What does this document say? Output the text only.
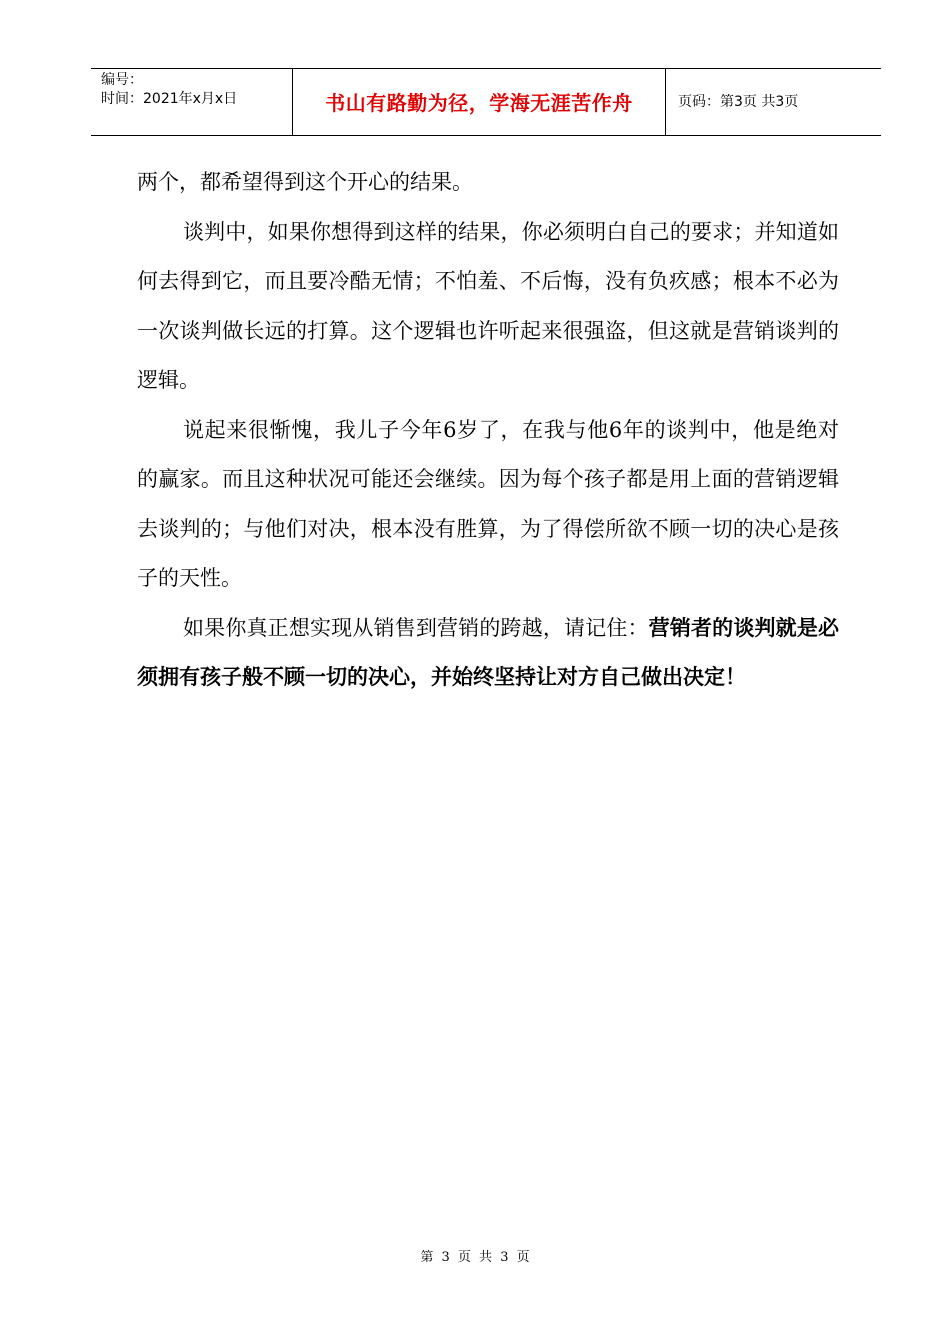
编号：
时间：2021年x月x日	书山有路勤为径，学海无涯苦作舟	页码：第3页 共3页

两个，都希望得到这个开心的结果。

谈判中，如果你想得到这样的结果，你必须明白自己的要求；并知道如何去得到它，而且要冷酷无情；不怕羞、不后悔，没有负疚感；根本不必为一次谈判做长远的打算。这个逻辑也许听起来很强盗，但这就是营销谈判的逻辑。

说起来很惭愧，我儿子今年6岁了，在我与他6年的谈判中，他是绝对的赢家。而且这种状况可能还会继续。因为每个孩子都是用上面的营销逻辑去谈判的；与他们对决，根本没有胜算，为了得偿所欲不顾一切的决心是孩子的天性。

如果你真正想实现从销售到营销的跨越，请记住：营销者的谈判就是必须拥有孩子般不顾一切的决心，并始终坚持让对方自己做出决定！

第 3 页 共 3 页
